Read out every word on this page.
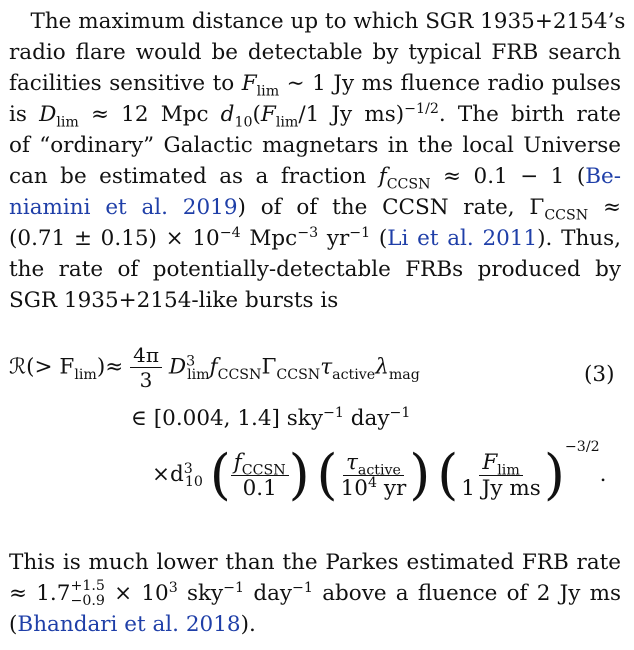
 The maximum distance up to which SGR 1935+2154’s
radio flare would be detectable by typical FRB search
facilities sensitive to $F_{lim}$ ∼ 1 Jy ms fluence radio pulses
is $D_{lim} \approx 12$ Mpc $d_{10}(F_{lim}/1$ Jy ms)$^{-1/2}$. The birth rate
of “ordinary” Galactic magnetars in the local Universe
can be estimated as a fraction $f_{CCSN} \approx 0.1 - 1$ (Be-
niamini et al. 2019) of of the CCSN rate, $\Gamma_{CCSN}$ ≈
$(0.71 \pm 0.15) \times 10^{-4}$ Mpc$^{-3}$ $yr^{-1}$ (Li et al. 2011). Thus,
the rate of potentially-detectable FRBs produced by
SGR 1935+2154-like bursts is
ℛ(> $F_{lim})\approx \frac{4\pi}{3} D^3_{lim}f_{CCSN}\Gamma_{CCSN}\tau_{active}\lambda_{mag}$	(3)
∈ [0.004, 1.4] sky$^{-1}$ day$^{-1}$
$\times d^3_{10}$ ( $\frac{f_{CCSN}}{0.1}$ ) ( $\frac{\tau_{active}}{10^4 yr}$ ) ( $\frac{F_{lim}}{\text{1 Jy ms}} )^{-3/2}$.
This is much lower than the Parkes estimated FRB rate
≈ 1.7 +1.5
$-0.9 \times 10^3$ sky$^{-1}$ day$^{-1}$ above a fluence of 2 Jy ms
(Bhandari et al. 2018).
